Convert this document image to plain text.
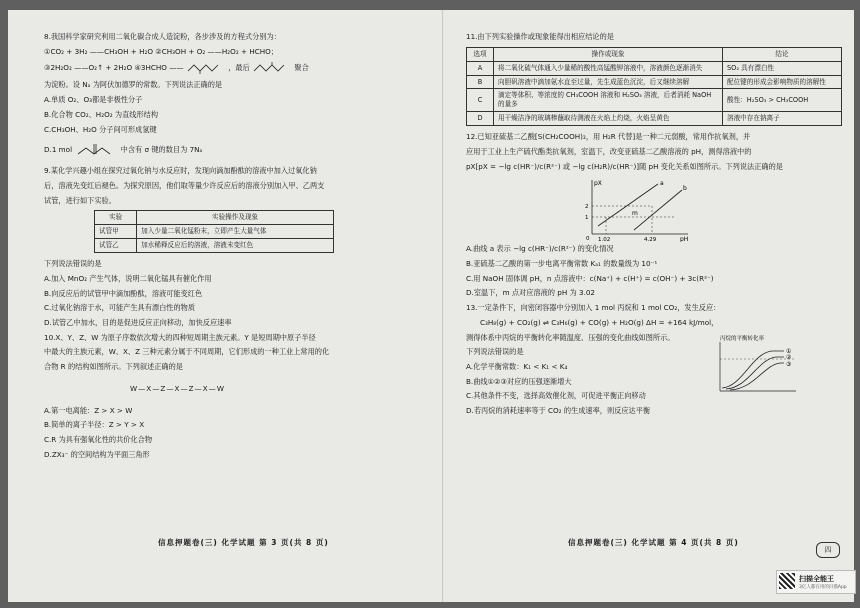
8.我国科学家研究利用二氧化碳合成人造淀粉，各步涉及的方程式分别为：

①CO₂ + 3H₂ ——CH₃OH + H₂O ②CH₃OH + O₂ ——H₂O₂ + HCHO；

③2H₂O₂ ——O₂↑ + 2H₂O ④3HCHO ——	，最后	聚合

为淀粉。设 Nₐ 为阿伏加德罗的常数。下列说法正确的是

A.单质 O₂、O₃都是非极性分子

B.化合物 CO₂、H₂O₂ 为直线形结构

C.CH₃OH、H₂O 分子间可形成氢键

D.1 mol	中含有 σ 键的数目为 7Nₐ

9.某化学兴趣小组在探究过氧化钠与水反应时，发现向滴加酚酞的溶液中加入过氧化钠

后，溶液先变红后褪色。为探究原因，他们取等量少许反应后的溶液分别加入甲、乙两支

试管，进行如下实验。

实验	实验操作及现象
试管甲	加入少量二氧化锰粉末，立即产生大量气体
试管乙	加水稀释反应后的溶液，溶液未变红色

下列说法错误的是

A.加入 MnO₂ 产生气体，说明二氧化锰具有催化作用

B.向反应后的试管甲中滴加酚酞，溶液可能变红色

C.过氧化钠溶于水，可能产生具有漂白性的物质

D.试管乙中加水，目的是促进反应正向移动，加快反应速率

10.X、Y、Z、W 为原子序数依次增大的四种短周期主族元素。Y 是短周期中原子半径

中最大的主族元素，W、X、Z 三种元素分属于不同周期，它们形成的一种工业上常用的化

合物 R 的结构如图所示。下列叙述正确的是

W—X—Z—X—Z—X—W

A.第一电离能：Z > X > W

B.简单的离子半径：Z > Y > X

C.R 为具有强氧化性的共价化合物

D.ZX₃⁻ 的空间结构为平面三角形

信息押题卷(三) 化学试题 第 3 页(共 8 页)

11.由下列实验操作或现象能得出相应结论的是

选项	操作或现象	结论
A	将二氧化硫气体通入少量稀的酸性高锰酸钾溶液中，溶液颜色逐渐消失	SO₂ 具有漂白性
B	向胆矾溶液中滴加氨水直至过量，先生成蓝色沉淀，后又继续溶解	配位键的形成会影响物质的溶解性
C	滴定等体积、等浓度的 CH₃COOH 溶液和 H₂SO₃ 溶液，后者消耗 NaOH 的量多	酸性：H₂SO₃ > CH₃COOH
D	用干燥洁净的玻璃棒蘸取待测液在火焰上灼烧，火焰呈黄色	溶液中存在钠离子

12.已知亚硫基二乙酸[S(CH₂COOH)₂，用 H₂R 代替]是一种二元弱酸，常用作抗氧剂，并

应用于工业上生产硫代酯类抗氧剂，室温下，改变亚硫基二乙酸溶液的 pH，测得溶液中的

pX[pX = −lg c(HR⁻)/c(R²⁻) 或 −lg c(H₂R)/c(HR⁻)]随 pH 变化关系如图所示。下列说法正确的是

pX
pH
0
2
1
a
b
m
1.02	4.29

A.曲线 a 表示 −lg c(HR⁻)/c(R²⁻) 的变化情况

B.亚硫基二乙酸的第一步电离平衡常数 Kₐ₁ 的数量级为 10⁻¹

C.用 NaOH 固体调 pH，n 点溶液中：c(Na⁺) + c(H⁺) = c(OH⁻) + 3c(R²⁻)

D.室温下，m 点对应溶液的 pH 为 3.02

13.一定条件下，向密闭容器中分别加入 1 mol 丙烷和 1 mol CO₂，发生反应：

C₃H₈(g) + CO₂(g) ⇌ C₃H₆(g) + CO(g) + H₂O(g) ΔH = +164 kJ/mol，

测得体系中丙烷的平衡转化率随温度、压强的变化曲线如图所示。

下列说法错误的是

A.化学平衡常数：K₁ < K₁ < K₄

B.曲线①②③对应的压强逐渐增大

C.其他条件不变，选择高效催化剂，可促进平衡正向移动

D.若丙烷的消耗速率等于 CO₂ 的生成速率，则反应达平衡

丙烷的平衡转化率
①
②
③
信息押题卷(三) 化学试题 第 4 页(共 8 页)
四
扫描全能王
3亿人都在用的扫描App
